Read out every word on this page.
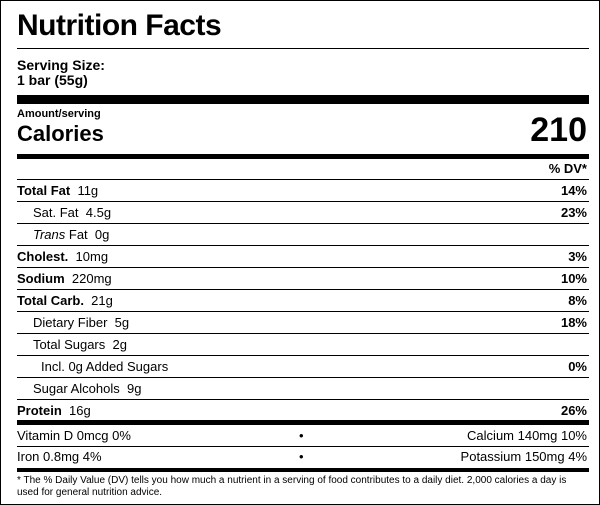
Nutrition Facts
Serving Size:
1 bar (55g)
Amount/serving
Calories	210
% DV*
Total Fat 11g	14%
Sat. Fat 4.5g	23%
Trans Fat 0g
Cholest. 10mg	3%
Sodium 220mg	10%
Total Carb. 21g	8%
Dietary Fiber 5g	18%
Total Sugars 2g
Incl. 0g Added Sugars	0%
Sugar Alcohols 9g
Protein 16g	26%
Vitamin D 0mcg 0%	•	Calcium 140mg 10%
Iron 0.8mg 4%	•	Potassium 150mg 4%
* The % Daily Value (DV) tells you how much a nutrient in a serving of food contributes to a daily diet. 2,000 calories a day is used for general nutrition advice.
